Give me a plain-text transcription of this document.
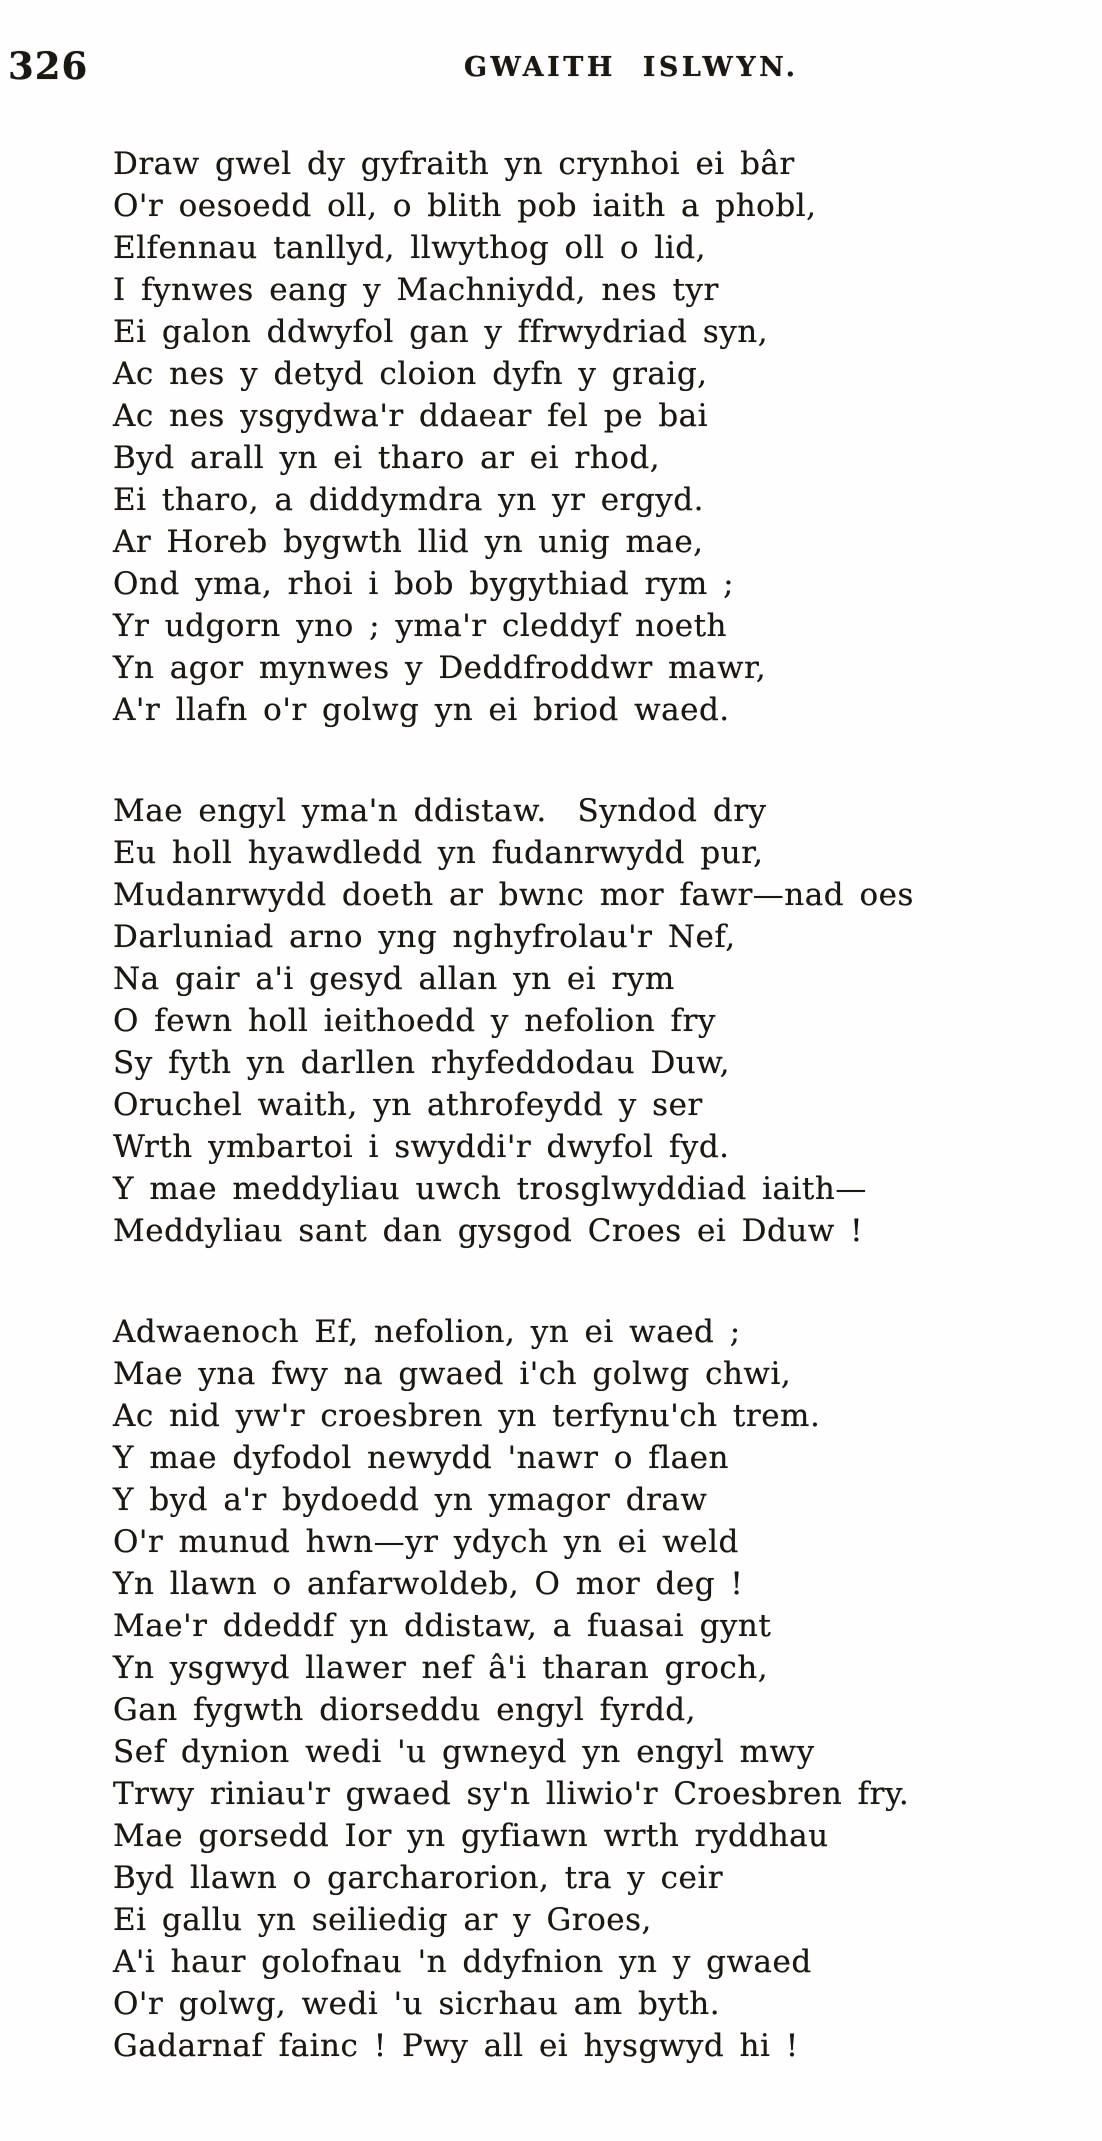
326	GWAITH ISLWYN.
Draw gwel dy gyfraith yn crynhoi ei bâr
O'r oesoedd oll, o blith pob iaith a phobl,
Elfennau tanllyd, llwythog oll o lid,
I fynwes eang y Machniydd, nes tyr
Ei galon ddwyfol gan y ffrwydriad syn,
Ac nes y detyd cloion dyfn y graig,
Ac nes ysgydwa'r ddaear fel pe bai
Byd arall yn ei tharo ar ei rhod,
Ei tharo, a diddymdra yn yr ergyd.
Ar Horeb bygwth llid yn unig mae,
Ond yma, rhoi i bob bygythiad rym ;
Yr udgorn yno ; yma'r cleddyf noeth
Yn agor mynwes y Deddfroddwr mawr,
A'r llafn o'r golwg yn ei briod waed.
Mae engyl yma'n ddistaw.  Syndod dry
Eu holl hyawdledd yn fudanrwydd pur,
Mudanrwydd doeth ar bwnc mor fawr—nad oes
Darluniad arno yng nghyfrolau'r Nef,
Na gair a'i gesyd allan yn ei rym
O fewn holl ieithoedd y nefolion fry
Sy fyth yn darllen rhyfeddodau Duw,
Oruchel waith, yn athrofeydd y ser
Wrth ymbartoi i swyddi'r dwyfol fyd.
Y mae meddyliau uwch trosglwyddiad iaith—
Meddyliau sant dan gysgod Croes ei Dduw !
Adwaenoch Ef, nefolion, yn ei waed ;
Mae yna fwy na gwaed i'ch golwg chwi,
Ac nid yw'r croesbren yn terfynu'ch trem.
Y mae dyfodol newydd 'nawr o flaen
Y byd a'r bydoedd yn ymagor draw
O'r munud hwn—yr ydych yn ei weld
Yn llawn o anfarwoldeb, O mor deg !
Mae'r ddeddf yn ddistaw, a fuasai gynt
Yn ysgwyd llawer nef â'i tharan groch,
Gan fygwth diorseddu engyl fyrdd,
Sef dynion wedi 'u gwneyd yn engyl mwy
Trwy riniau'r gwaed sy'n lliwio'r Croesbren fry.
Mae gorsedd Ior yn gyfiawn wrth ryddhau
Byd llawn o garcharorion, tra y ceir
Ei gallu yn seiliedig ar y Groes,
A'i haur golofnau 'n ddyfnion yn y gwaed
O'r golwg, wedi 'u sicrhau am byth.
Gadarnaf fainc ! Pwy all ei hysgwyd hi !
